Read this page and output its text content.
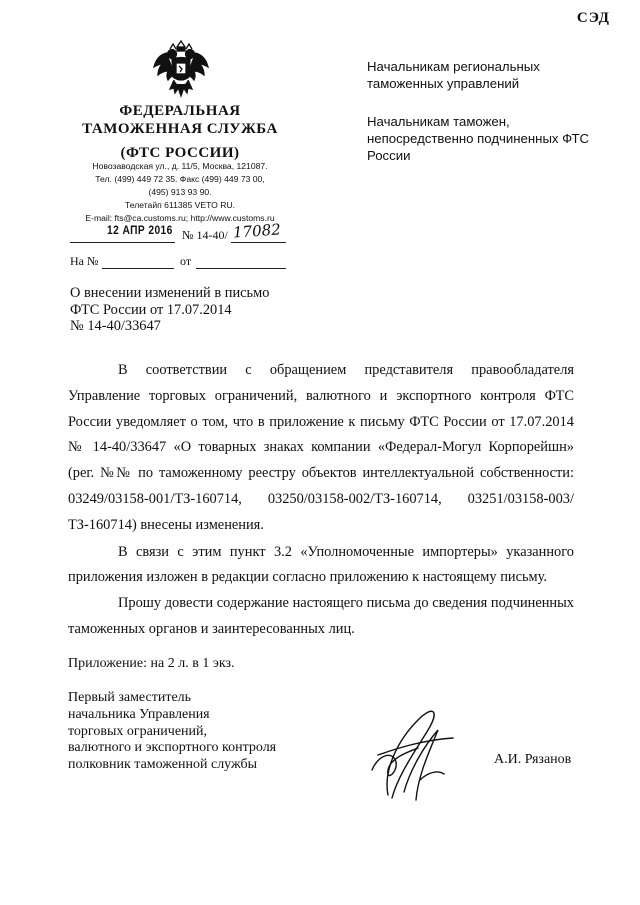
СЭД
ФЕДЕРАЛЬНАЯ
ТАМОЖЕННАЯ СЛУЖБА
(ФТС РОССИИ)
Новозаводская ул., д. 11/5, Москва, 121087.
Тел. (499) 449 72 35. Факс (499) 449 73 00,
(495) 913 93 90.
Телетайп 611385 VETO RU.
E-mail: fts@ca.customs.ru; http://www.customs.ru
12 АПР 2016 № 14-40/ 17082
На №	от
Начальникам региональных таможенных управлений
Начальникам таможен, непосредственно подчиненных ФТС России
О внесении изменений в письмо
ФТС России от 17.07.2014
№ 14-40/33647

В соответствии с обращением представителя правообладателя Управление торговых ограничений, валютного и экспортного контроля ФТС России уведомляет о том, что в приложение к письму ФТС России от 17.07.2014 № 14-40/33647 «О товарных знаках компании «Федерал-Могул Корпорейшн» (рег. №№ по таможенному реестру объектов интеллектуальной собственности: 03249/03158-001/ТЗ-160714, 03250/03158-002/ТЗ-160714, 03251/03158-003/ТЗ-160714) внесены изменения.

В связи с этим пункт 3.2 «Уполномоченные импортеры» указанного приложения изложен в редакции согласно приложению к настоящему письму.

Прошу довести содержание настоящего письма до сведения подчиненных таможенных органов и заинтересованных лиц.

Приложение: на 2 л. в 1 экз.
Первый заместитель
начальника Управления
торговых ограничений,
валютного и экспортного контроля
полковник таможенной службы	А.И. Рязанов
